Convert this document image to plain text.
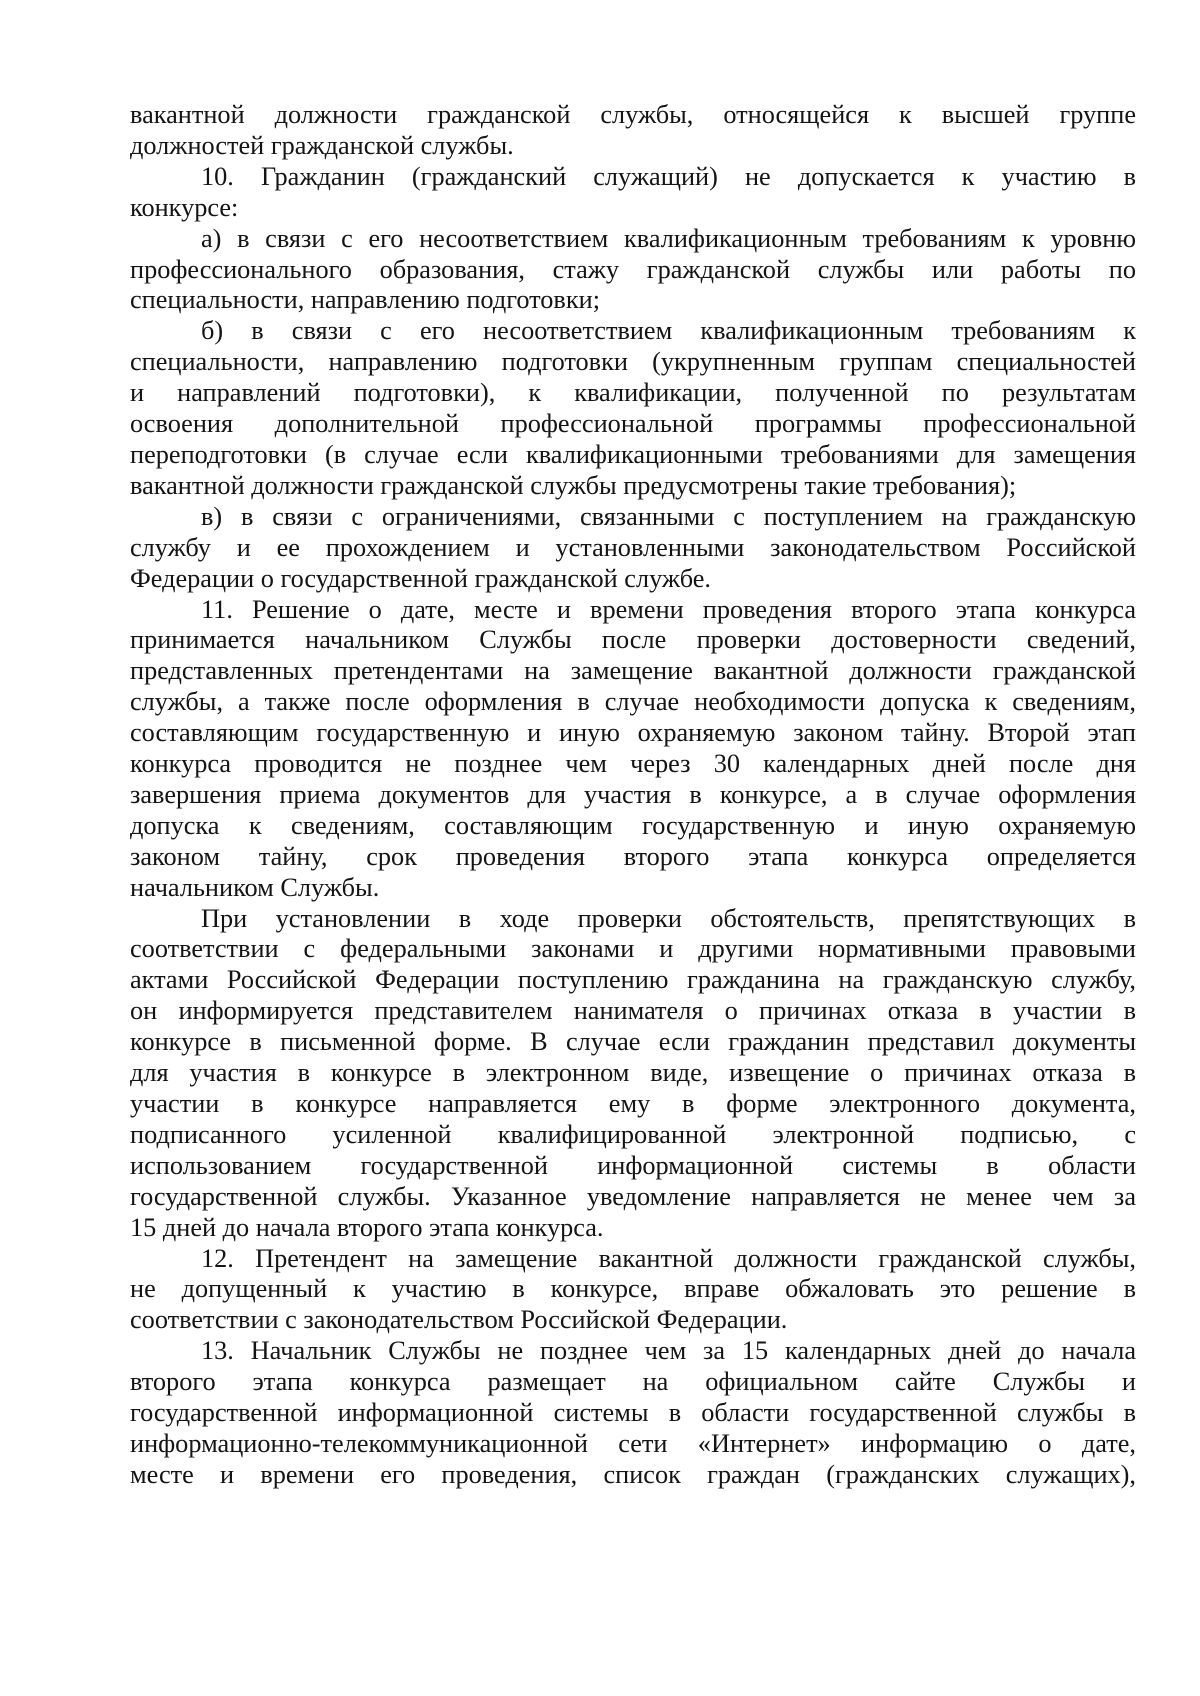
вакантной должности гражданской службы, относящейся к высшей группе
должностей гражданской службы.

10. Гражданин (гражданский служащий) не допускается к участию в
конкурсе:

а) в связи с его несоответствием квалификационным требованиям к уровню
профессионального образования, стажу гражданской службы или работы по
специальности, направлению подготовки;

б) в связи с его несоответствием квалификационным требованиям к
специальности, направлению подготовки (укрупненным группам специальностей
и направлений подготовки), к квалификации, полученной по результатам
освоения дополнительной профессиональной программы профессиональной
переподготовки (в случае если квалификационными требованиями для замещения
вакантной должности гражданской службы предусмотрены такие требования);

в) в связи с ограничениями, связанными с поступлением на гражданскую
службу и ее прохождением и установленными законодательством Российской
Федерации о государственной гражданской службе.

11. Решение о дате, месте и времени проведения второго этапа конкурса
принимается начальником Службы после проверки достоверности сведений,
представленных претендентами на замещение вакантной должности гражданской
службы, а также после оформления в случае необходимости допуска к сведениям,
составляющим государственную и иную охраняемую законом тайну. Второй этап
конкурса проводится не позднее чем через 30 календарных дней после дня
завершения приема документов для участия в конкурсе, а в случае оформления
допуска к сведениям, составляющим государственную и иную охраняемую
законом тайну, срок проведения второго этапа конкурса определяется
начальником Службы.

При установлении в ходе проверки обстоятельств, препятствующих в
соответствии с федеральными законами и другими нормативными правовыми
актами Российской Федерации поступлению гражданина на гражданскую службу,
он информируется представителем нанимателя о причинах отказа в участии в
конкурсе в письменной форме. В случае если гражданин представил документы
для участия в конкурсе в электронном виде, извещение о причинах отказа в
участии в конкурсе направляется ему в форме электронного документа,
подписанного усиленной квалифицированной электронной подписью, с
использованием государственной информационной системы в области
государственной службы. Указанное уведомление направляется не менее чем за
15 дней до начала второго этапа конкурса.

12. Претендент на замещение вакантной должности гражданской службы,
не допущенный к участию в конкурсе, вправе обжаловать это решение в
соответствии с законодательством Российской Федерации.

13. Начальник Службы не позднее чем за 15 календарных дней до начала
второго этапа конкурса размещает на официальном сайте Службы и
государственной информационной системы в области государственной службы в
информационно-телекоммуникационной сети «Интернет» информацию о дате,
месте и времени его проведения, список граждан (гражданских служащих),
